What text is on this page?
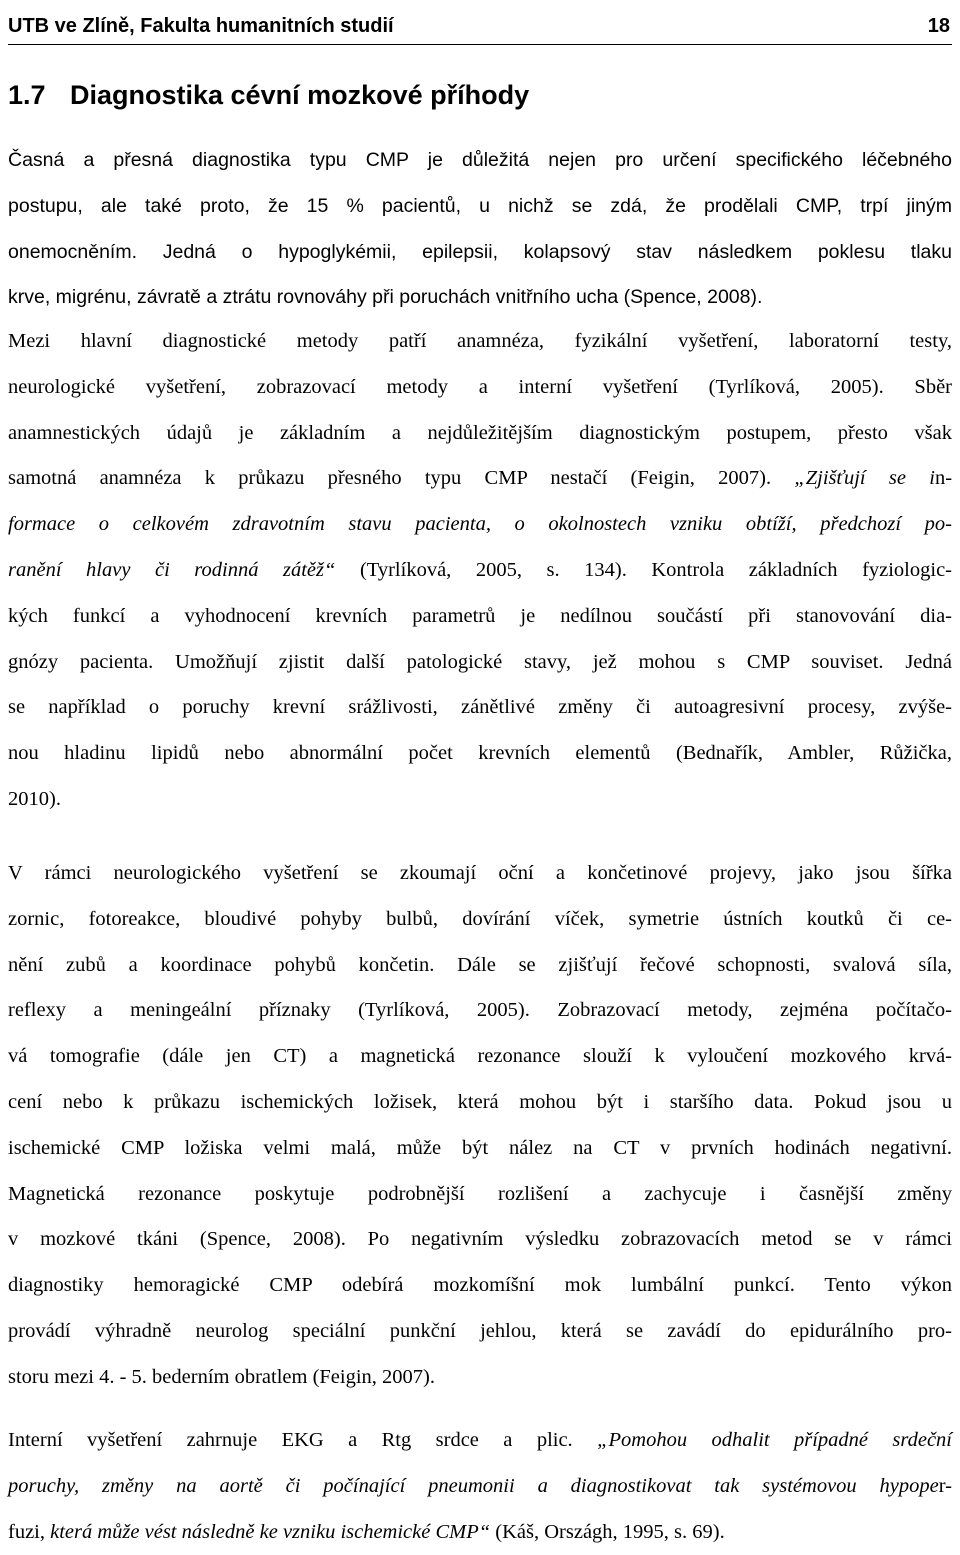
UTB ve Zlíně, Fakulta humanitních studií	18
1.7 Diagnostika cévní mozkové příhody
Časná a přesná diagnostika typu CMP je důležitá nejen pro určení specifického léčebného
postupu, ale také proto, že 15 % pacientů, u nichž se zdá, že prodělali CMP, trpí jiným
onemocněním. Jedná o hypoglykémii, epilepsii, kolapsový stav následkem poklesu tlaku
krve, migrénu, závratě a ztrátu rovnováhy při poruchách vnitřního ucha (Spence, 2008).
Mezi hlavní diagnostické metody patří anamnéza, fyzikální vyšetření, laboratorní testy,
neurologické vyšetření, zobrazovací metody a interní vyšetření (Tyrlíková, 2005). Sběr
anamnestických údajů je základním a nejdůležitějším diagnostickým postupem, přesto však
samotná anamnéza k průkazu přesného typu CMP nestačí (Feigin, 2007). „Zjišťují se in-
formace o celkovém zdravotním stavu pacienta, o okolnostech vzniku obtíží, předchozí po-
ranění hlavy či rodinná zátěž“ (Tyrlíková, 2005, s. 134). Kontrola základních fyziologic-
kých funkcí a vyhodnocení krevních parametrů je nedílnou součástí při stanovování dia-
gnózy pacienta. Umožňují zjistit další patologické stavy, jež mohou s CMP souviset. Jedná
se například o poruchy krevní srážlivosti, zánětlivé změny či autoagresivní procesy, zvýše-
nou hladinu lipidů nebo abnormální počet krevních elementů (Bednařík, Ambler, Růžička,
2010).
V rámci neurologického vyšetření se zkoumají oční a končetinové projevy, jako jsou šířka
zornic, fotoreakce, bloudivé pohyby bulbů, dovírání víček, symetrie ústních koutků či ce-
nění zubů a koordinace pohybů končetin. Dále se zjišťují řečové schopnosti, svalová síla,
reflexy a meningeální příznaky (Tyrlíková, 2005). Zobrazovací metody, zejména počítačo-
vá tomografie (dále jen CT) a magnetická rezonance slouží k vyloučení mozkového krvá-
cení nebo k průkazu ischemických ložisek, která mohou být i staršího data. Pokud jsou u
ischemické CMP ložiska velmi malá, může být nález na CT v prvních hodinách negativní.
Magnetická rezonance poskytuje podrobnější rozlišení a zachycuje i časnější změny
v mozkové tkáni (Spence, 2008). Po negativním výsledku zobrazovacích metod se v rámci
diagnostiky hemoragické CMP odebírá mozkomíšní mok lumbální punkcí. Tento výkon
provádí výhradně neurolog speciální punkční jehlou, která se zavádí do epidurálního pro-
storu mezi 4. - 5. bederním obratlem (Feigin, 2007).
Interní vyšetření zahrnuje EKG a Rtg srdce a plic. „Pomohou odhalit případné srdeční
poruchy, změny na aortě či počínající pneumonii a diagnostikovat tak systémovou hypoper-
fuzi, která může vést následně ke vzniku ischemické CMP“ (Káš, Országh, 1995, s. 69).
